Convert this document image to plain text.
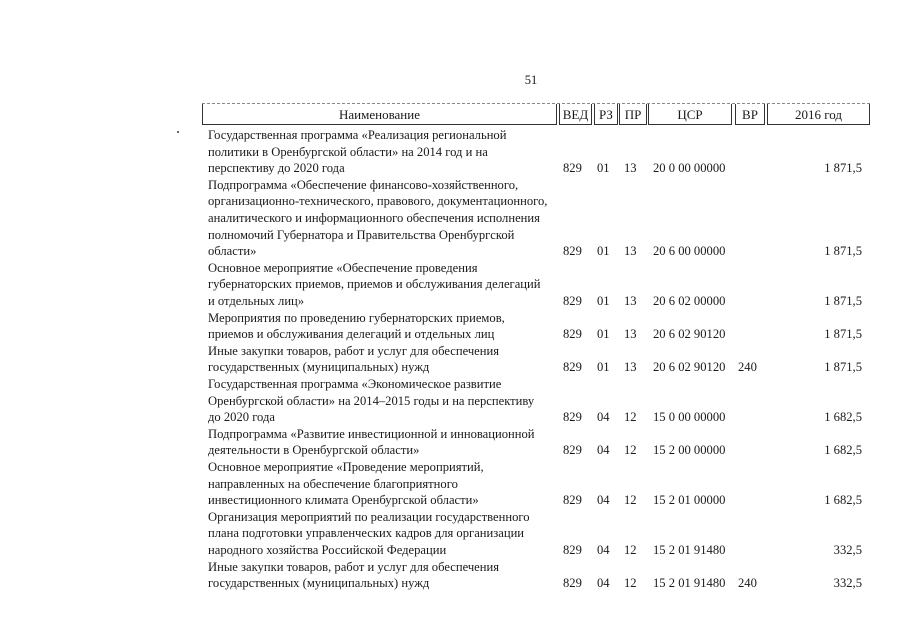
51
Наименование	ВЕД РЗ ПР	ЦСР	ВР	2016 год
Государственная программа «Реализация региональной
политики в Оренбургской области» на 2014 год и на
перспективу до 2020 года	829 01 13 20 0 00 00000	1 871,5
Подпрограмма «Обеспечение финансово-хозяйственного,
организационно-технического, правового, документационного,
аналитического и информационного обеспечения исполнения
полномочий Губернатора и Правительства Оренбургской
области»	829 01 13 20 6 00 00000	1 871,5
Основное мероприятие «Обеспечение проведения
губернаторских приемов, приемов и обслуживания делегаций
и отдельных лиц»	829 01 13 20 6 02 00000	1 871,5
Мероприятия по проведению губернаторских приемов,
приемов и обслуживания делегаций и отдельных лиц	829 01 13 20 6 02 90120	1 871,5
Иные закупки товаров, работ и услуг для обеспечения
государственных (муниципальных) нужд	829 01 13 20 6 02 90120 240	1 871,5
Государственная программа «Экономическое развитие
Оренбургской области» на 2014–2015 годы и на перспективу
до 2020 года	829 04 12 15 0 00 00000	1 682,5
Подпрограмма «Развитие инвестиционной и инновационной
деятельности в Оренбургской области»	829 04 12 15 2 00 00000	1 682,5
Основное мероприятие «Проведение мероприятий,
направленных на обеспечение благоприятного
инвестиционного климата Оренбургской области»	829 04 12 15 2 01 00000	1 682,5
Организация мероприятий по реализации государственного
плана подготовки управленческих кадров для организации
народного хозяйства Российской Федерации	829 04 12 15 2 01 91480	332,5
Иные закупки товаров, работ и услуг для обеспечения
государственных (муниципальных) нужд	829 04 12 15 2 01 91480 240	332,5
